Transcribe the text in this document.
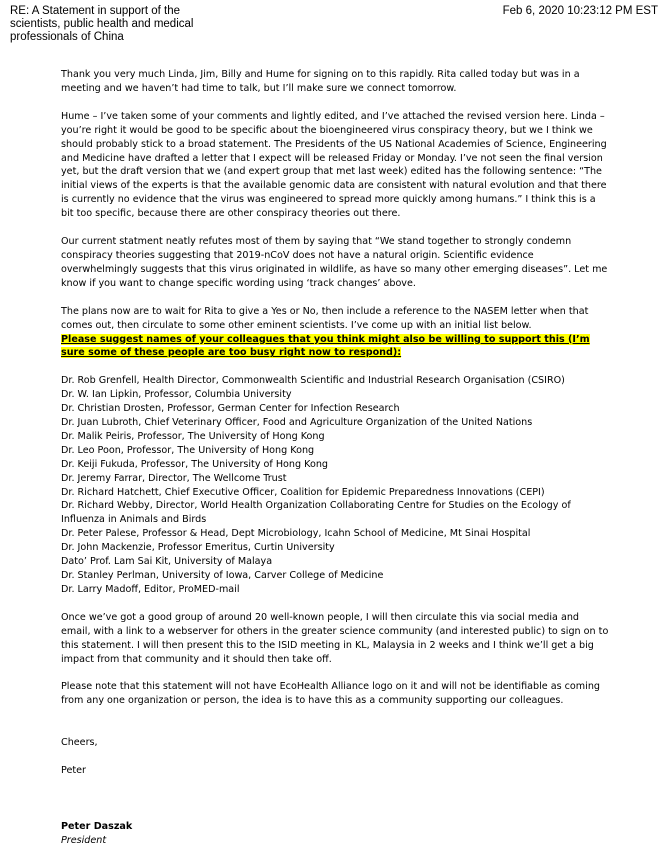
RE: A Statement in support of the scientists, public health and medical professionals of China
Feb 6, 2020 10:23:12 PM EST

Thank you very much Linda, Jim, Billy and Hume for signing on to this rapidly. Rita called today but was in a meeting and we haven’t had time to talk, but I’ll make sure we connect tomorrow.

Hume – I’ve taken some of your comments and lightly edited, and I’ve attached the revised version here. Linda – you’re right it would be good to be specific about the bioengineered virus conspiracy theory, but we I think we should probably stick to a broad statement. The Presidents of the US National Academies of Science, Engineering and Medicine have drafted a letter that I expect will be released Friday or Monday. I’ve not seen the final version yet, but the draft version that we (and expert group that met last week) edited has the following sentence: “The initial views of the experts is that the available genomic data are consistent with natural evolution and that there is currently no evidence that the virus was engineered to spread more quickly among humans.” I think this is a bit too specific, because there are other conspiracy theories out there.

Our current statment neatly refutes most of them by saying that “We stand together to strongly condemn conspiracy theories suggesting that 2019-nCoV does not have a natural origin. Scientific evidence overwhelmingly suggests that this virus originated in wildlife, as have so many other emerging diseases”. Let me know if you want to change specific wording using ‘track changes’ above.

The plans now are to wait for Rita to give a Yes or No, then include a reference to the NASEM letter when that comes out, then circulate to some other eminent scientists. I’ve come up with an initial list below.

Please suggest names of your colleagues that you think might also be willing to support this (I’m sure some of these people are too busy right now to respond):

Dr. Rob Grenfell, Health Director, Commonwealth Scientific and Industrial Research Organisation (CSIRO)

Dr. W. Ian Lipkin, Professor, Columbia University

Dr. Christian Drosten, Professor, German Center for Infection Research

Dr. Juan Lubroth, Chief Veterinary Officer, Food and Agriculture Organization of the United Nations

Dr. Malik Peiris, Professor, The University of Hong Kong

Dr. Leo Poon, Professor, The University of Hong Kong

Dr. Keiji Fukuda, Professor, The University of Hong Kong

Dr. Jeremy Farrar, Director, The Wellcome Trust

Dr. Richard Hatchett, Chief Executive Officer, Coalition for Epidemic Preparedness Innovations (CEPI)

Dr. Richard Webby, Director, World Health Organization Collaborating Centre for Studies on the Ecology of Influenza in Animals and Birds

Dr. Peter Palese, Professor & Head, Dept Microbiology, Icahn School of Medicine, Mt Sinai Hospital

Dr. John Mackenzie, Professor Emeritus, Curtin University

Dato’ Prof. Lam Sai Kit, University of Malaya

Dr. Stanley Perlman, University of Iowa, Carver College of Medicine

Dr. Larry Madoff, Editor, ProMED-mail

Once we’ve got a good group of around 20 well-known people, I will then circulate this via social media and email, with a link to a webserver for others in the greater science community (and interested public) to sign on to this statement. I will then present this to the ISID meeting in KL, Malaysia in 2 weeks and I think we’ll get a big impact from that community and it should then take off.

Please note that this statement will not have EcoHealth Alliance logo on it and will not be identifiable as coming from any one organization or person, the idea is to have this as a community supporting our colleagues.

Cheers,

Peter

Peter Daszak

President
